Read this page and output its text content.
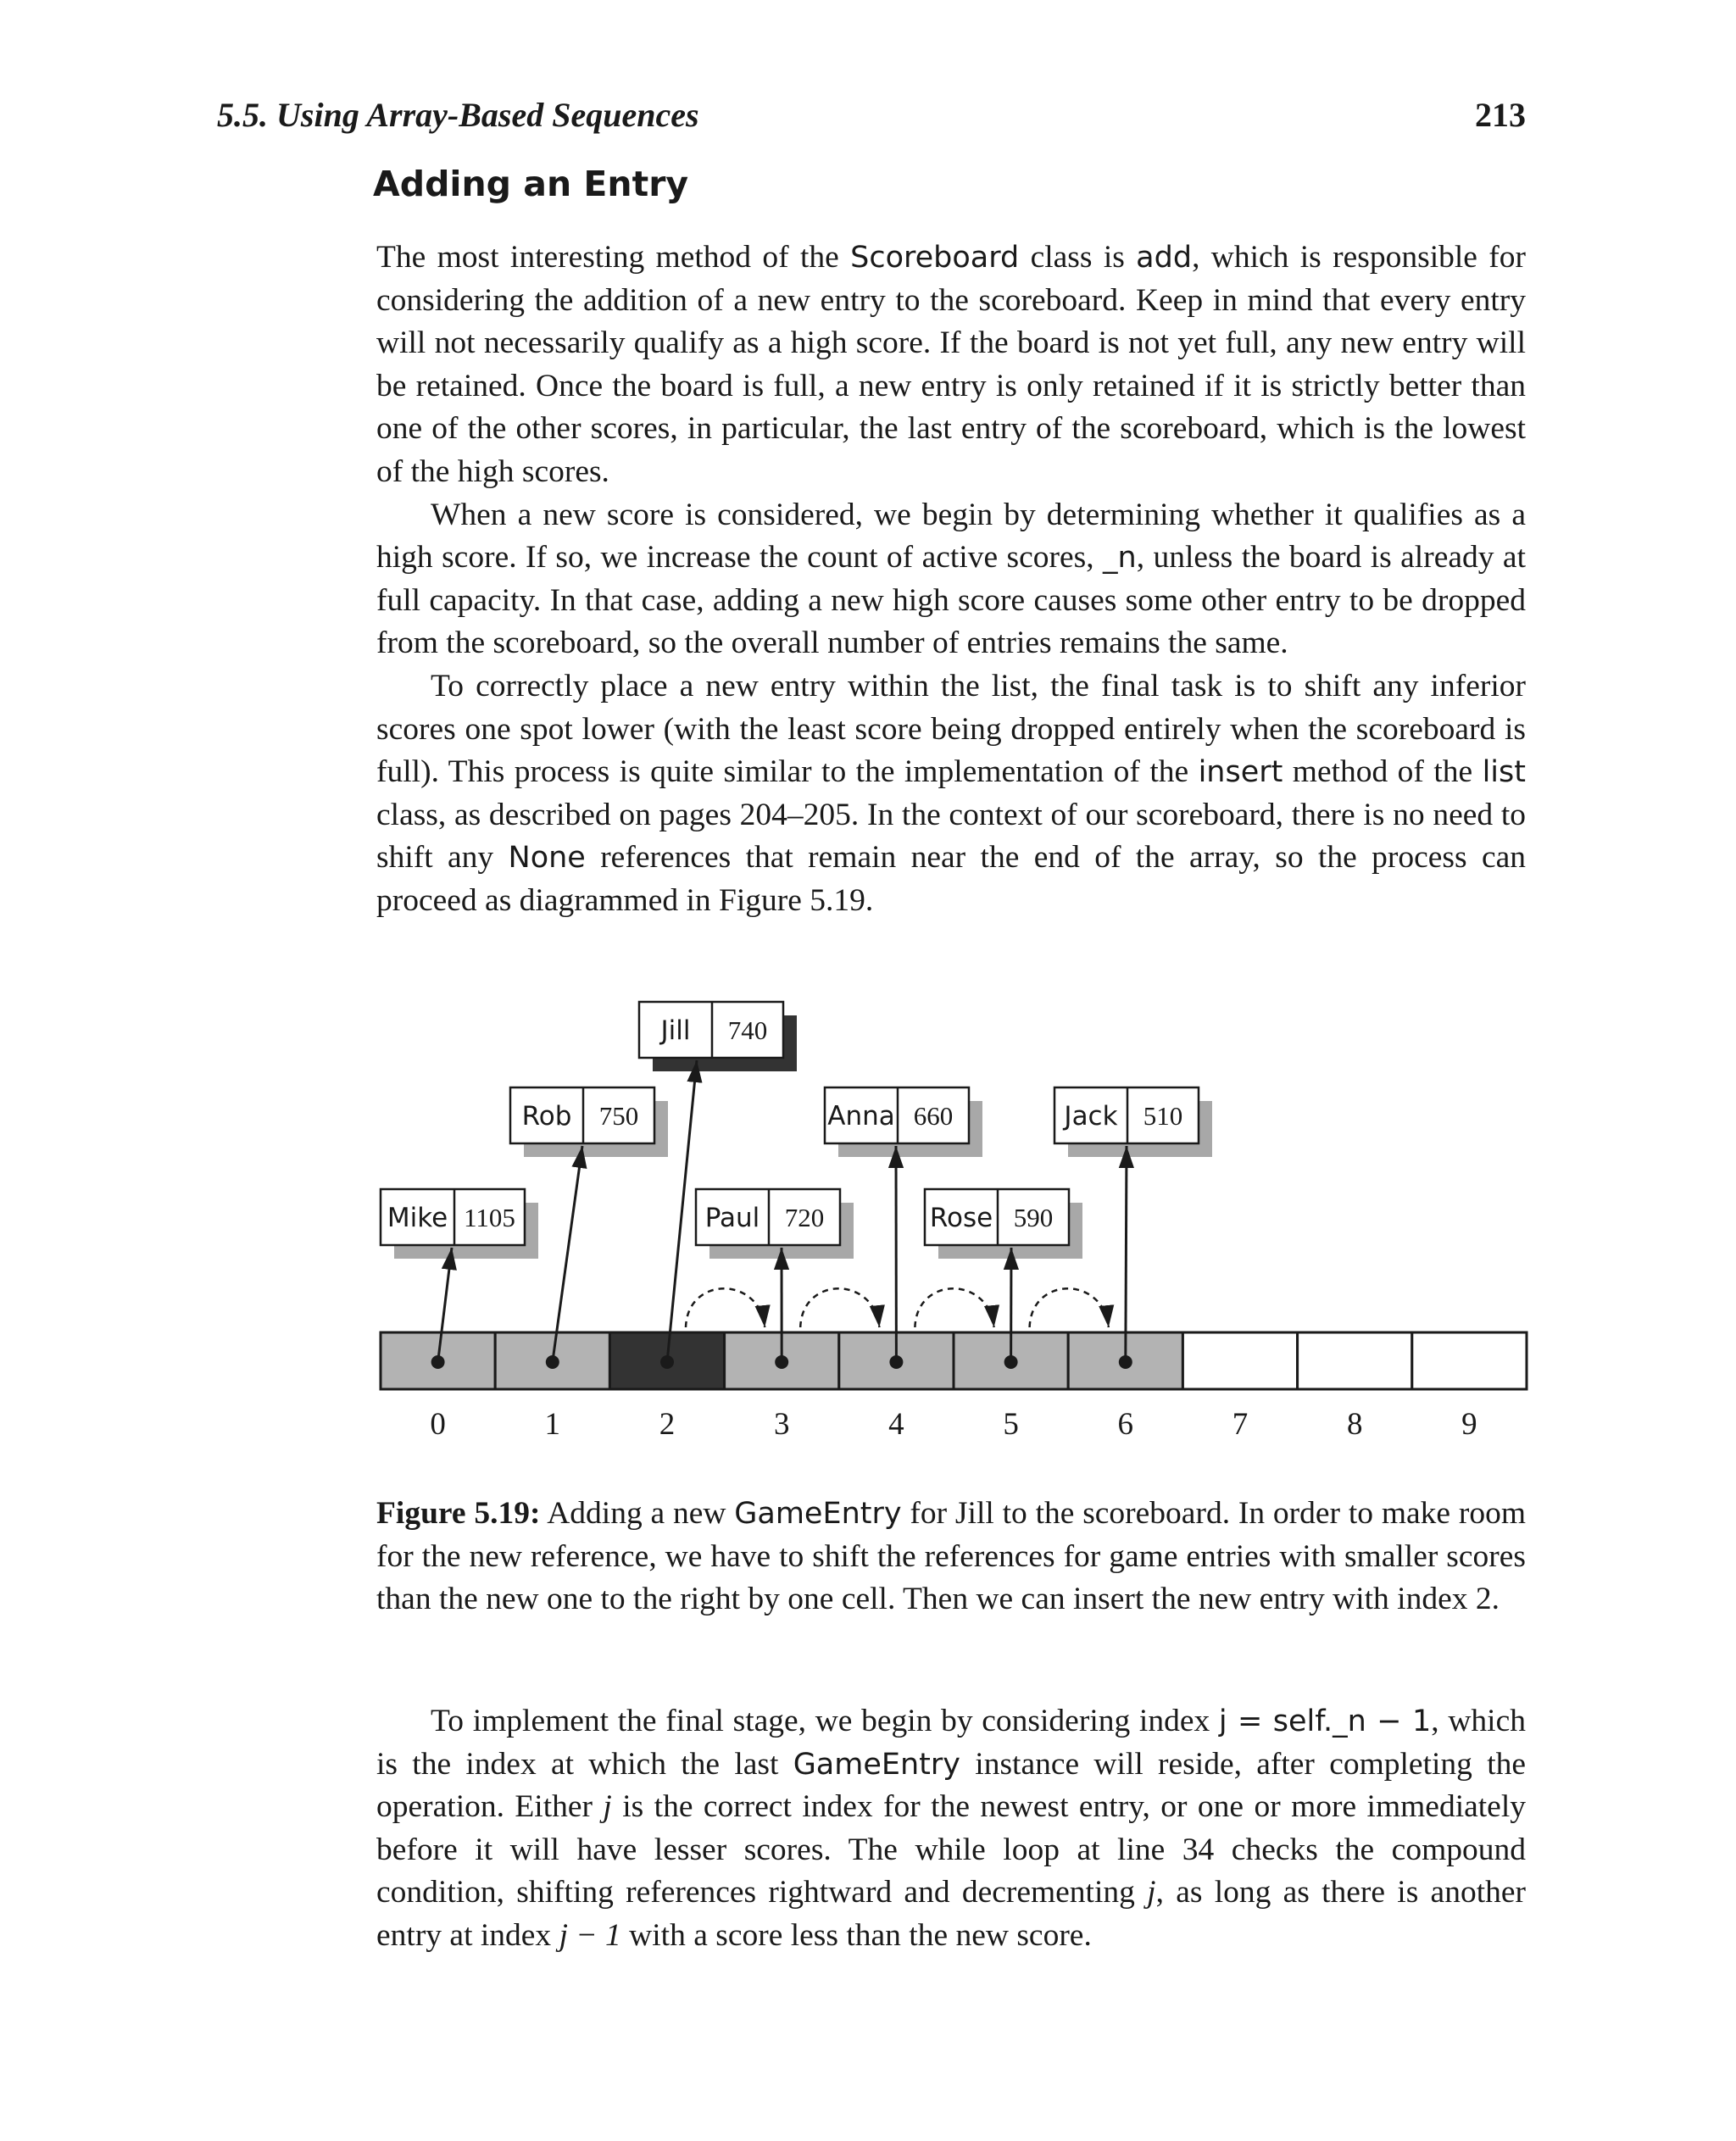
5.5. Using Array-Based Sequences	213
Adding an Entry

The most interesting method of the Scoreboard class is add, which is responsible for considering the addition of a new entry to the scoreboard. Keep in mind that every entry will not necessarily qualify as a high score. If the board is not yet full, any new entry will be retained. Once the board is full, a new entry is only retained if it is strictly better than one of the other scores, in particular, the last entry of the scoreboard, which is the lowest of the high scores.

When a new score is considered, we begin by determining whether it qualifies as a high score. If so, we increase the count of active scores, _n, unless the board is already at full capacity. In that case, adding a new high score causes some other entry to be dropped from the scoreboard, so the overall number of entries remains the same.

To correctly place a new entry within the list, the final task is to shift any inferior scores one spot lower (with the least score being dropped entirely when the scoreboard is full). This process is quite similar to the implementation of the insert method of the list class, as described on pages 204–205. In the context of our scoreboard, there is no need to shift any None references that remain near the end of the array, so the process can proceed as diagrammed in Figure 5.19.

Mike 1105
Rob 750
Jill 740
Paul 720
Anna 660
Rose 590
Jack 510
0	1	2	3	4	5	6	7	8	9
Figure 5.19: Adding a new GameEntry for Jill to the scoreboard. In order to make room for the new reference, we have to shift the references for game entries with smaller scores than the new one to the right by one cell. Then we can insert the new entry with index 2.

To implement the final stage, we begin by considering index j = self._n − 1, which is the index at which the last GameEntry instance will reside, after completing the operation. Either j is the correct index for the newest entry, or one or more immediately before it will have lesser scores. The while loop at line 34 checks the compound condition, shifting references rightward and decrementing j, as long as there is another entry at index j − 1 with a score less than the new score.
